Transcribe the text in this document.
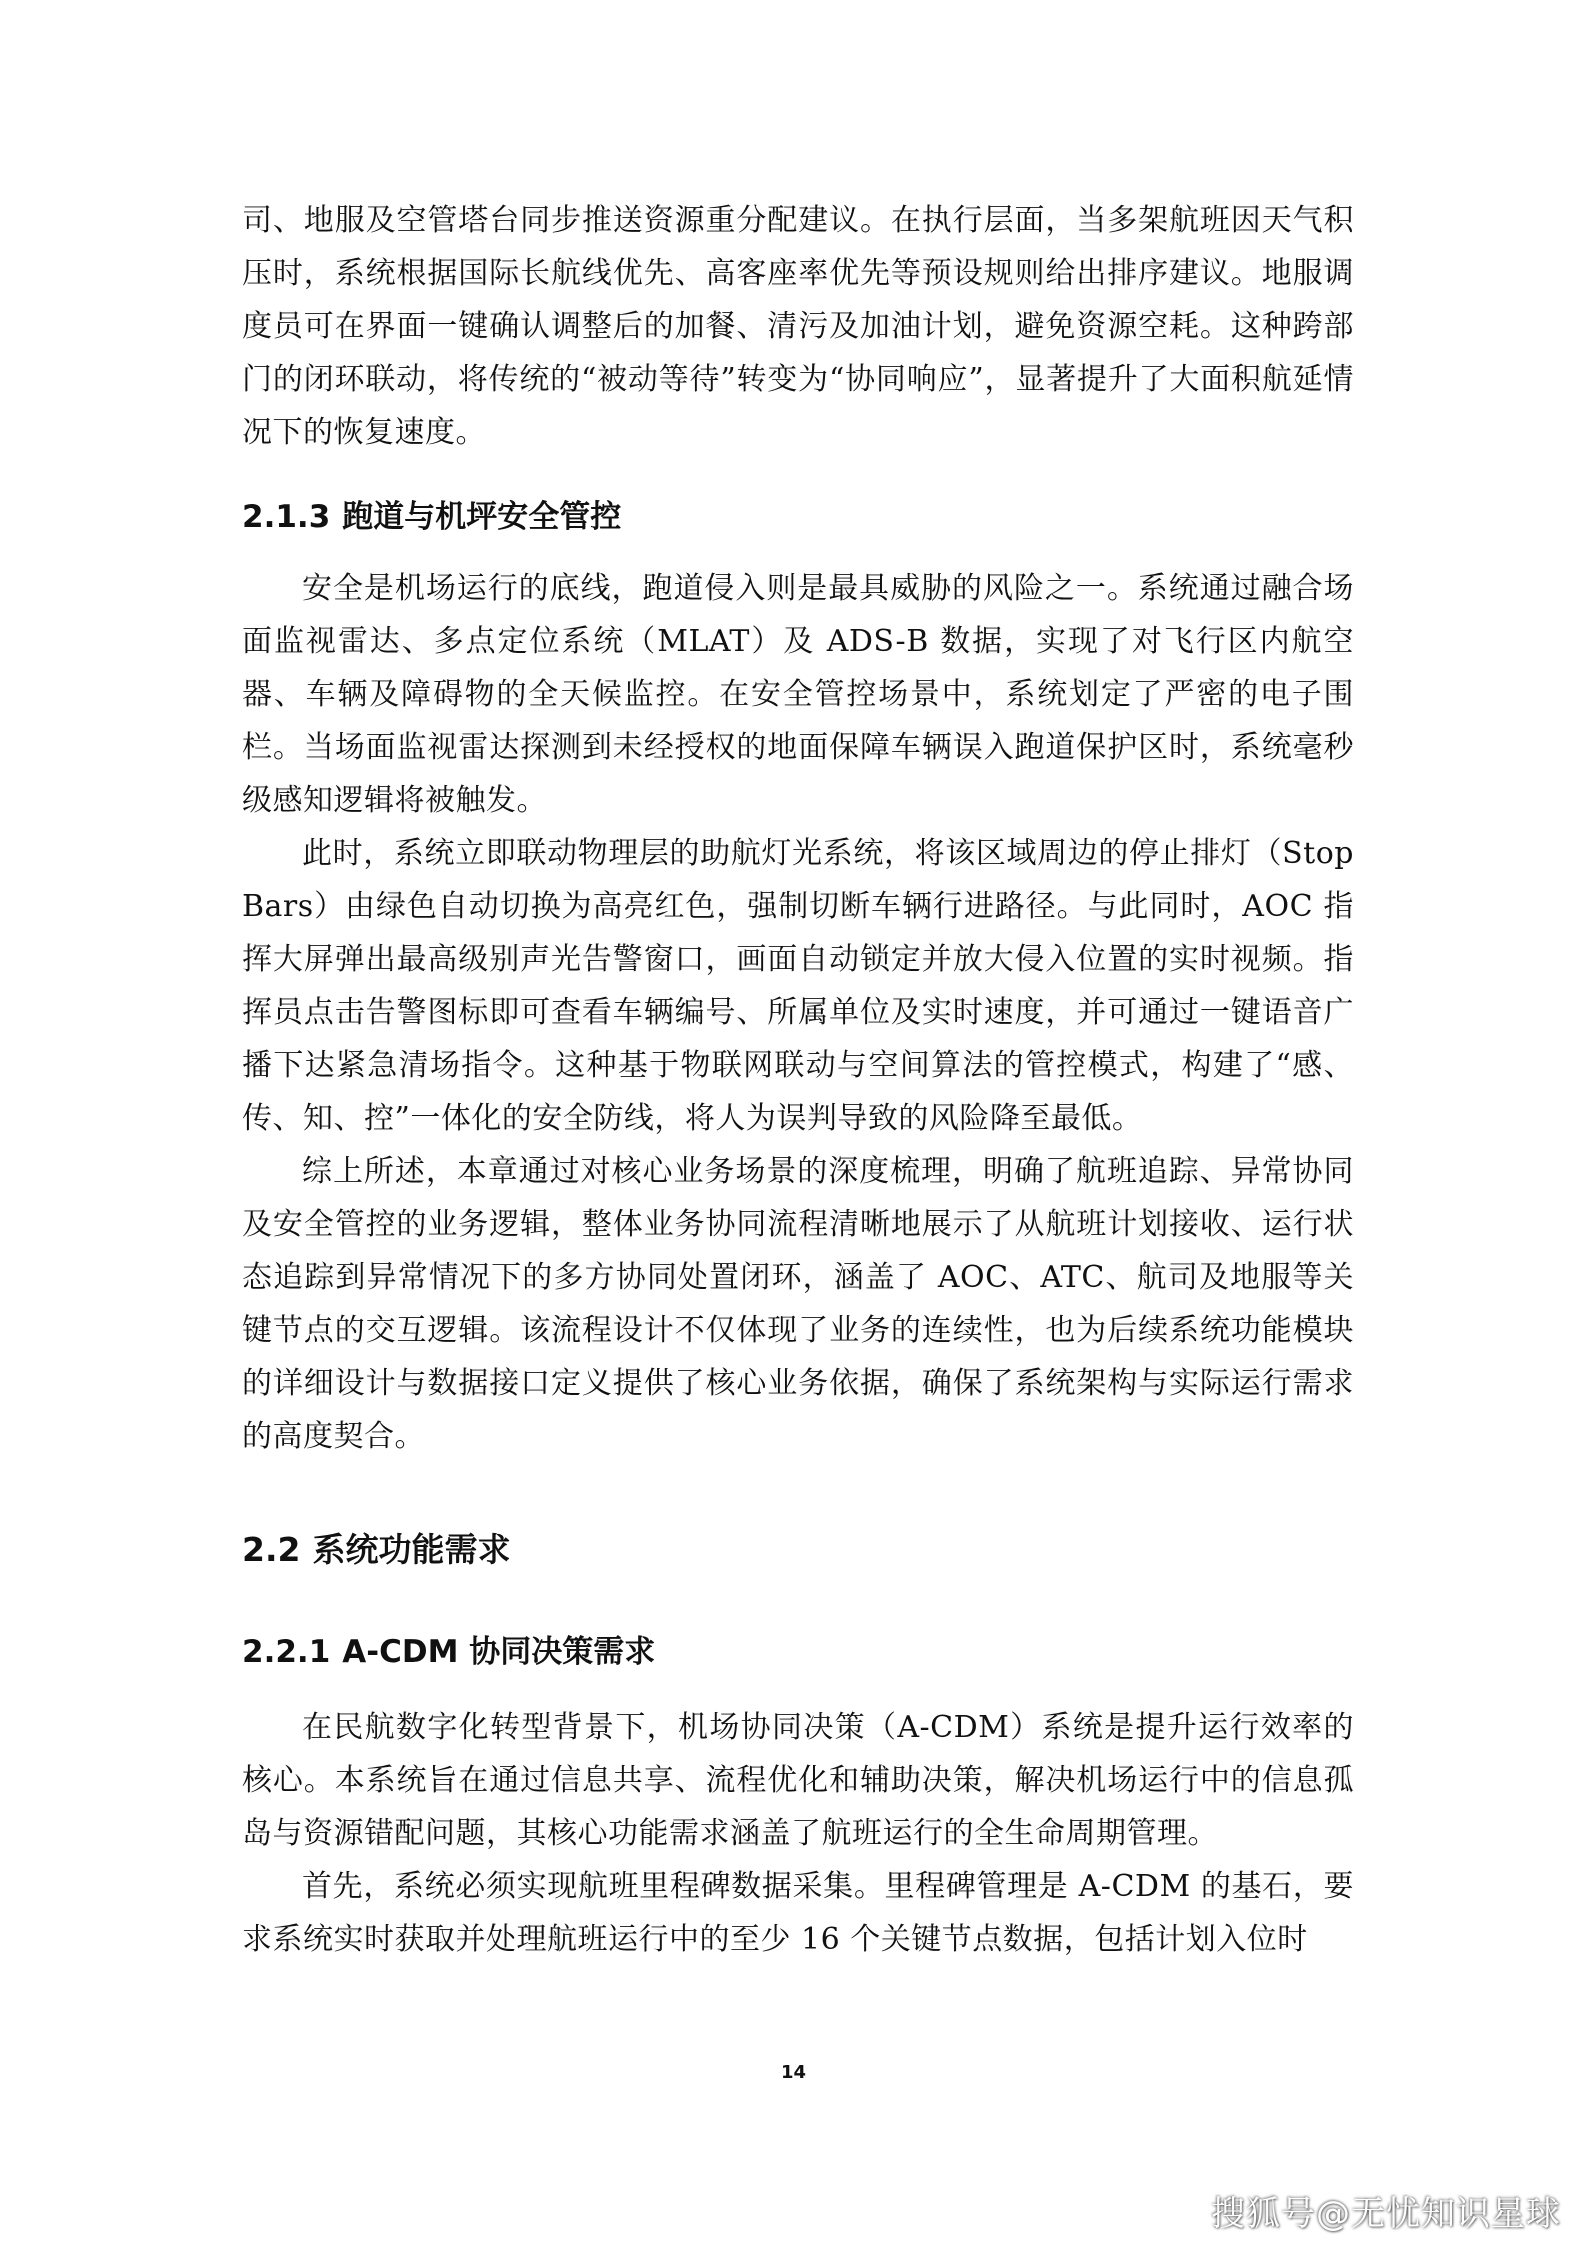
司、地服及空管塔台同步推送资源重分配建议。在执行层面，当多架航班因天气积压时，系统根据国际长航线优先、高客座率优先等预设规则给出排序建议。地服调度员可在界面一键确认调整后的加餐、清污及加油计划，避免资源空耗。这种跨部门的闭环联动，将传统的“被动等待”转变为“协同响应”，显著提升了大面积航延情况下的恢复速度。

2.1.3 跑道与机坪安全管控

安全是机场运行的底线，跑道侵入则是最具威胁的风险之一。系统通过融合场面监视雷达、多点定位系统（MLAT）及 ADS-B 数据，实现了对飞行区内航空器、车辆及障碍物的全天候监控。在安全管控场景中，系统划定了严密的电子围栏。当场面监视雷达探测到未经授权的地面保障车辆误入跑道保护区时，系统毫秒级感知逻辑将被触发。

此时，系统立即联动物理层的助航灯光系统，将该区域周边的停止排灯（Stop Bars）由绿色自动切换为高亮红色，强制切断车辆行进路径。与此同时，AOC 指挥大屏弹出最高级别声光告警窗口，画面自动锁定并放大侵入位置的实时视频。指挥员点击告警图标即可查看车辆编号、所属单位及实时速度，并可通过一键语音广播下达紧急清场指令。这种基于物联网联动与空间算法的管控模式，构建了“感、传、知、控”一体化的安全防线，将人为误判导致的风险降至最低。

综上所述，本章通过对核心业务场景的深度梳理，明确了航班追踪、异常协同及安全管控的业务逻辑，整体业务协同流程清晰地展示了从航班计划接收、运行状态追踪到异常情况下的多方协同处置闭环，涵盖了 AOC、ATC、航司及地服等关键节点的交互逻辑。该流程设计不仅体现了业务的连续性，也为后续系统功能模块的详细设计与数据接口定义提供了核心业务依据，确保了系统架构与实际运行需求的高度契合。

2.2 系统功能需求
2.2.1 A-CDM 协同决策需求

在民航数字化转型背景下，机场协同决策（A-CDM）系统是提升运行效率的核心。本系统旨在通过信息共享、流程优化和辅助决策，解决机场运行中的信息孤岛与资源错配问题，其核心功能需求涵盖了航班运行的全生命周期管理。

首先，系统必须实现航班里程碑数据采集。里程碑管理是 A-CDM 的基石，要求系统实时获取并处理航班运行中的至少 16 个关键节点数据，包括计划入位时

14
搜狐号@无忧知识星球
